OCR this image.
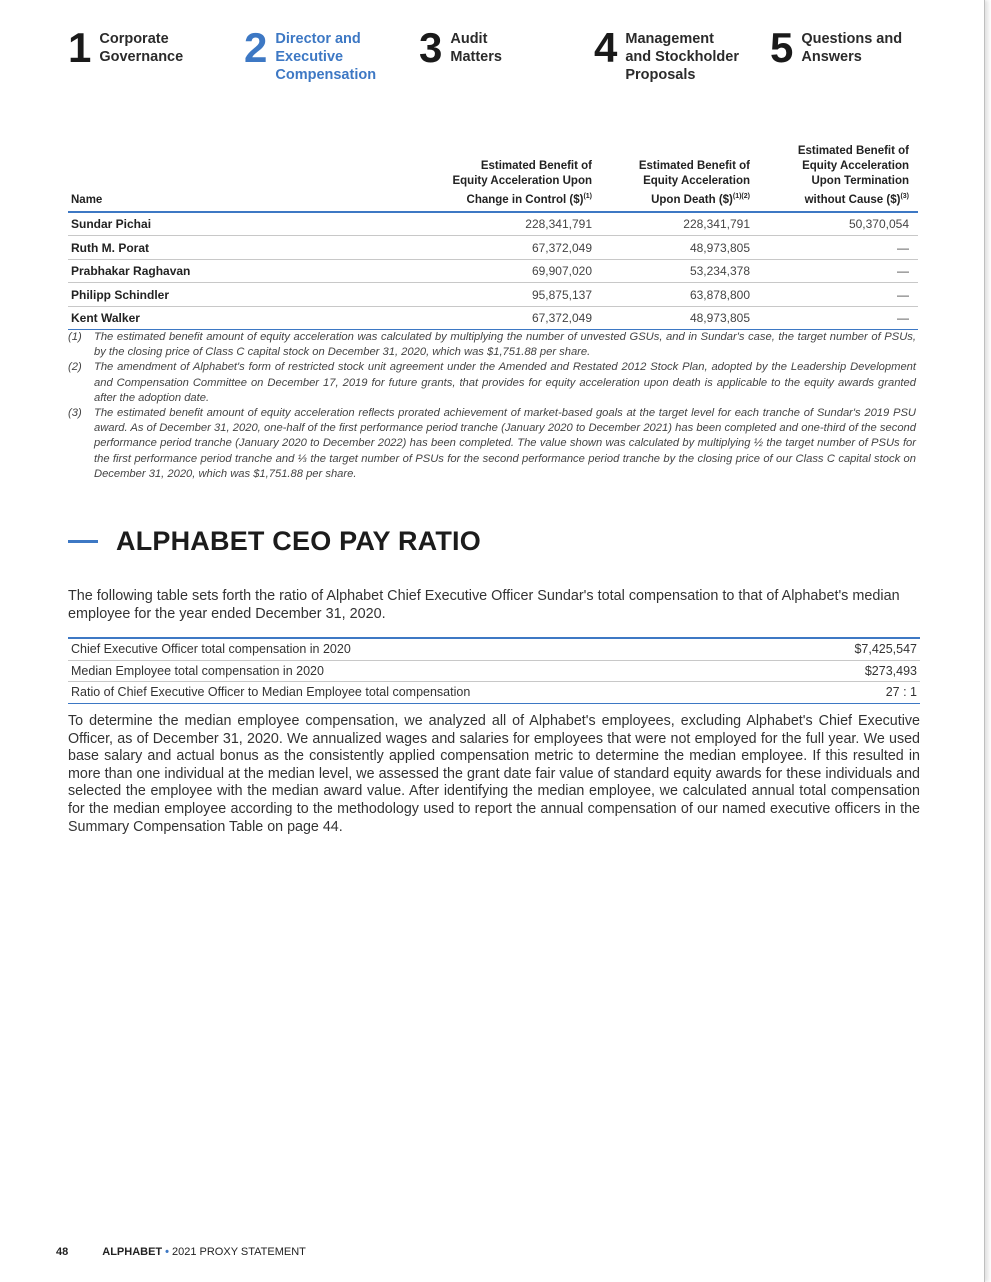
1 Corporate
Governance 2 Director and
Executive
Compensation
3 Audit
Matters 4 Management
and Stockholder
Proposals
5 Questions and
Answers
Name	Estimated Benefit of
Equity Acceleration Upon
Change in Control ($)$^{(1)}$	Estimated Benefit of
Equity Acceleration
Upon Death ($)$^{(1)(2)}$	Estimated Benefit of
Equity Acceleration
Upon Termination
without Cause ($)$^{(3)}$
Sundar Pichai	228,341,791	228,341,791	50,370,054
Ruth M. Porat	67,372,049	48,973,805	—
Prabhakar Raghavan	69,907,020	53,234,378	—
Philipp Schindler	95,875,137	63,878,800	—
Kent Walker	67,372,049	48,973,805	—
(1)	The estimated benefit amount of equity acceleration was calculated by multiplying the number of unvested GSUs, and in Sundar's case, the target number of PSUs, by the closing price of Class C capital stock on December 31, 2020, which was $1,751.88 per share.
(2)	The amendment of Alphabet's form of restricted stock unit agreement under the Amended and Restated 2012 Stock Plan, adopted by the Leadership Development and Compensation Committee on December 17, 2019 for future grants, that provides for equity acceleration upon death is applicable to the equity awards granted after the adoption date.
(3)	The estimated benefit amount of equity acceleration reflects prorated achievement of market-based goals at the target level for each tranche of Sundar's 2019 PSU award. As of December 31, 2020, one-half of the first performance period tranche (January 2020 to December 2021) has been completed and one-third of the second performance period tranche (January 2020 to December 2022) has been completed. The value shown was calculated by multiplying ½ the target number of PSUs for the first performance period tranche and ⅓ the target number of PSUs for the second performance period tranche by the closing price of our Class C capital stock on December 31, 2020, which was $1,751.88 per share.
ALPHABET CEO PAY RATIO
The following table sets forth the ratio of Alphabet Chief Executive Officer Sundar's total compensation to that of Alphabet's median employee for the year ended December 31, 2020.
Chief Executive Officer total compensation in 2020	$7,425,547
Median Employee total compensation in 2020	$273,493
Ratio of Chief Executive Officer to Median Employee total compensation	27 : 1
To determine the median employee compensation, we analyzed all of Alphabet's employees, excluding Alphabet's Chief Executive Officer, as of December 31, 2020. We annualized wages and salaries for employees that were not employed for the full year. We used base salary and actual bonus as the consistently applied compensation metric to determine the median employee. If this resulted in more than one individual at the median level, we assessed the grant date fair value of standard equity awards for these individuals and selected the employee with the median award value. After identifying the median employee, we calculated annual total compensation for the median employee according to the methodology used to report the annual compensation of our named executive officers in the Summary Compensation Table on page 44.
48	ALPHABET • 2021 PROXY STATEMENT
